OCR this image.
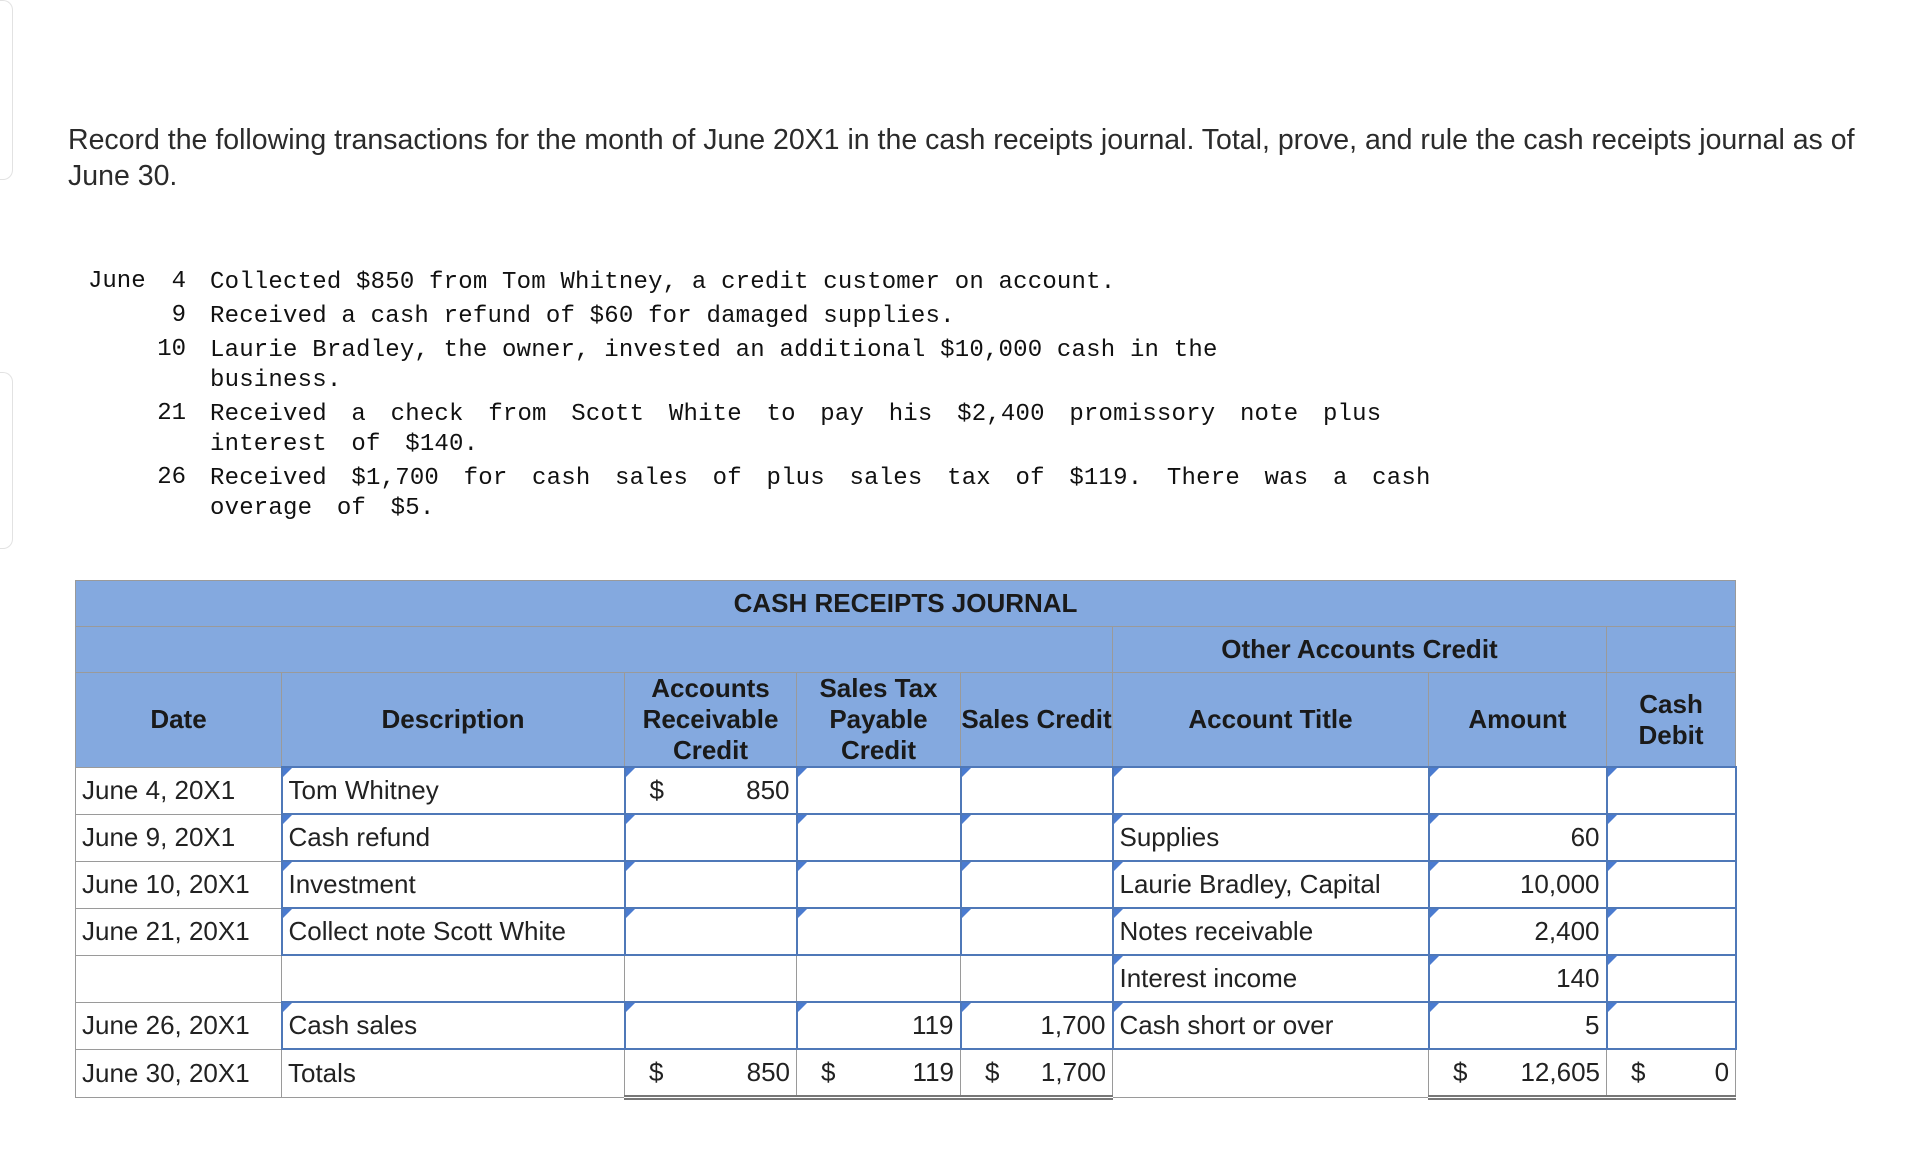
Record the following transactions for the month of June 20X1 in the cash receipts journal. Total, prove, and rule the cash receipts journal as of June 30.
June	4 Collected $850 from Tom Whitney, a credit customer on account.
9 Received a cash refund of $60 for damaged supplies.
10 Laurie Bradley, the owner, invested an additional $10,000 cash in the business.
21 Received a check from Scott White to pay his $2,400 promissory note plus interest of $140.
26 Received $1,700 for cash sales of plus sales tax of $119. There was a cash overage of $5.
CASH RECEIPTS JOURNAL							
					Other Accounts Credit		
Date	Description	Accounts Receivable Credit	Sales Tax Payable Credit	Sales Credit	Account Title	Amount	Cash Debit

June 4, 20X1	Tom Whitney	$ 850					

June 9, 20X1	Cash refund				Supplies	60	

June 10, 20X1	Investment				Laurie Bradley, Capital	10,000	

June 21, 20X1	Collect note Scott White				Notes receivable	2,400	

					Interest income	140	

June 26, 20X1	Cash sales		119	1,700	Cash short or over	5	

June 30, 20X1	Totals	$ 850	$ 119	$ 1,700		$ 12,605	$ 0
